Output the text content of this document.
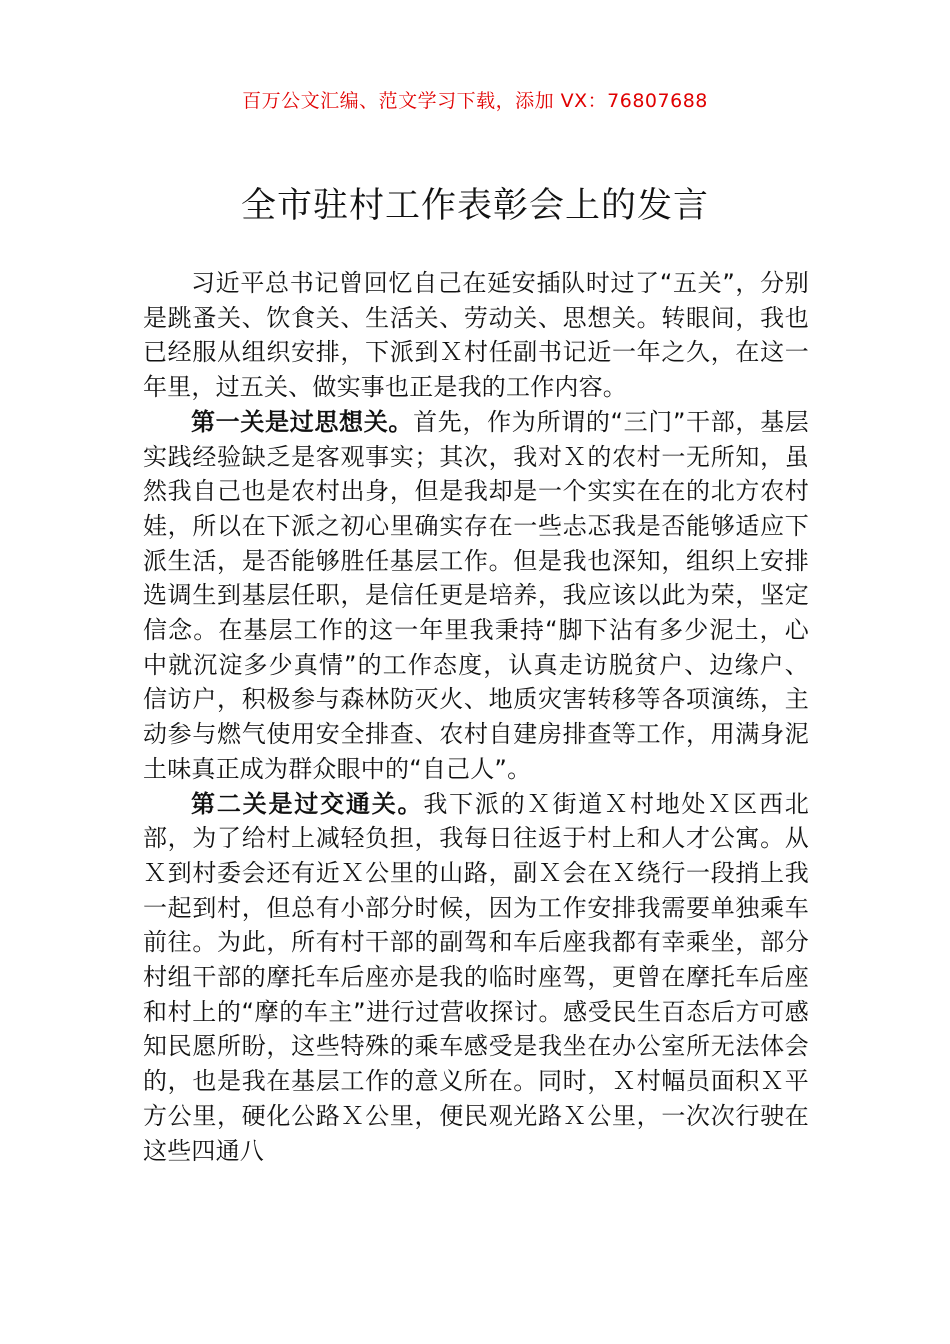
百万公文汇编、范文学习下载，添加 VX：76807688
全市驻村工作表彰会上的发言

习近平总书记曾回忆自己在延安插队时过了“五关”，分别是跳蚤关、饮食关、生活关、劳动关、思想关。转眼间，我也已经服从组织安排，下派到Ｘ村任副书记近一年之久，在这一年里，过五关、做实事也正是我的工作内容。

第一关是过思想关。首先，作为所谓的“三门”干部，基层实践经验缺乏是客观事实；其次，我对Ｘ的农村一无所知，虽然我自己也是农村出身，但是我却是一个实实在在的北方农村娃，所以在下派之初心里确实存在一些忐忑我是否能够适应下派生活，是否能够胜任基层工作。但是我也深知，组织上安排选调生到基层任职，是信任更是培养，我应该以此为荣，坚定信念。在基层工作的这一年里我秉持“脚下沾有多少泥土，心中就沉淀多少真情”的工作态度，认真走访脱贫户、边缘户、信访户，积极参与森林防灭火、地质灾害转移等各项演练，主动参与燃气使用安全排查、农村自建房排查等工作，用满身泥土味真正成为群众眼中的“自己人”。

第二关是过交通关。我下派的Ｘ街道Ｘ村地处Ｘ区西北部，为了给村上减轻负担，我每日往返于村上和人才公寓。从Ｘ到村委会还有近Ｘ公里的山路，副Ｘ会在Ｘ绕行一段捎上我一起到村，但总有小部分时候，因为工作安排我需要单独乘车前往。为此，所有村干部的副驾和车后座我都有幸乘坐，部分村组干部的摩托车后座亦是我的临时座驾，更曾在摩托车后座和村上的“摩的车主”进行过营收探讨。感受民生百态后方可感知民愿所盼，这些特殊的乘车感受是我坐在办公室所无法体会的，也是我在基层工作的意义所在。同时，Ｘ村幅员面积Ｘ平方公里，硬化公路Ｘ公里，便民观光路Ｘ公里，一次次行驶在这些四通八
